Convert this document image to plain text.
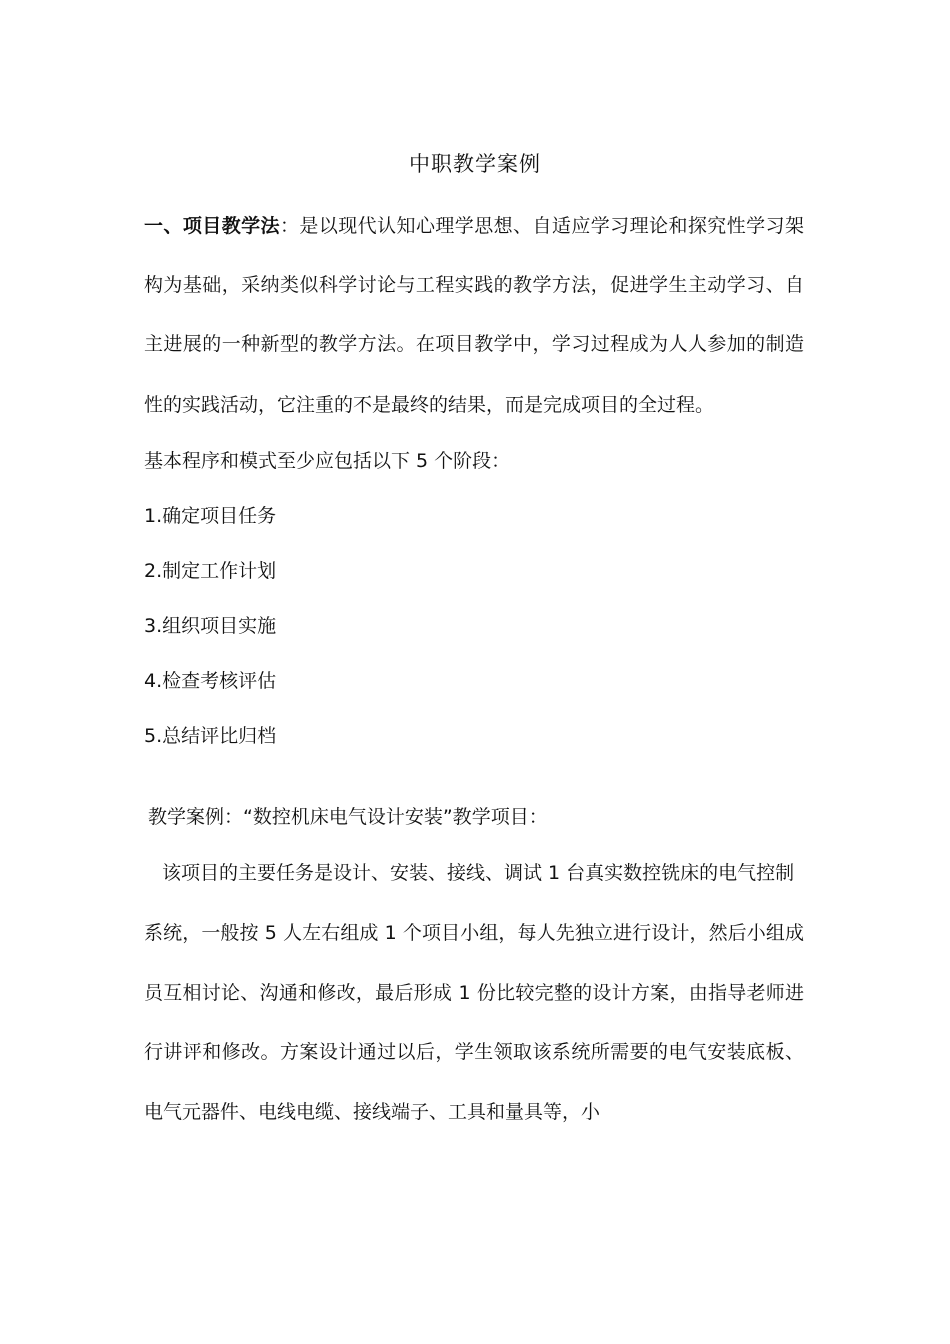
中职教学案例
一、项目教学法：是以现代认知心理学思想、自适应学习理论和探究性学习架
构为基础，采纳类似科学讨论与工程实践的教学方法，促进学生主动学习、自
主进展的一种新型的教学方法。在项目教学中，学习过程成为人人参加的制造
性的实践活动，它注重的不是最终的结果，而是完成项目的全过程。
基本程序和模式至少应包括以下 5 个阶段：
1.确定项目任务
2.制定工作计划
3.组织项目实施
4.检查考核评估
5.总结评比归档
教学案例：“数控机床电气设计安装”教学项目：
该项目的主要任务是设计、安装、接线、调试 1 台真实数控铣床的电气控制
系统，一般按 5 人左右组成 1 个项目小组，每人先独立进行设计，然后小组成
员互相讨论、沟通和修改，最后形成 1 份比较完整的设计方案，由指导老师进
行讲评和修改。方案设计通过以后，学生领取该系统所需要的电气安装底板、
电气元器件、电线电缆、接线端子、工具和量具等，小
